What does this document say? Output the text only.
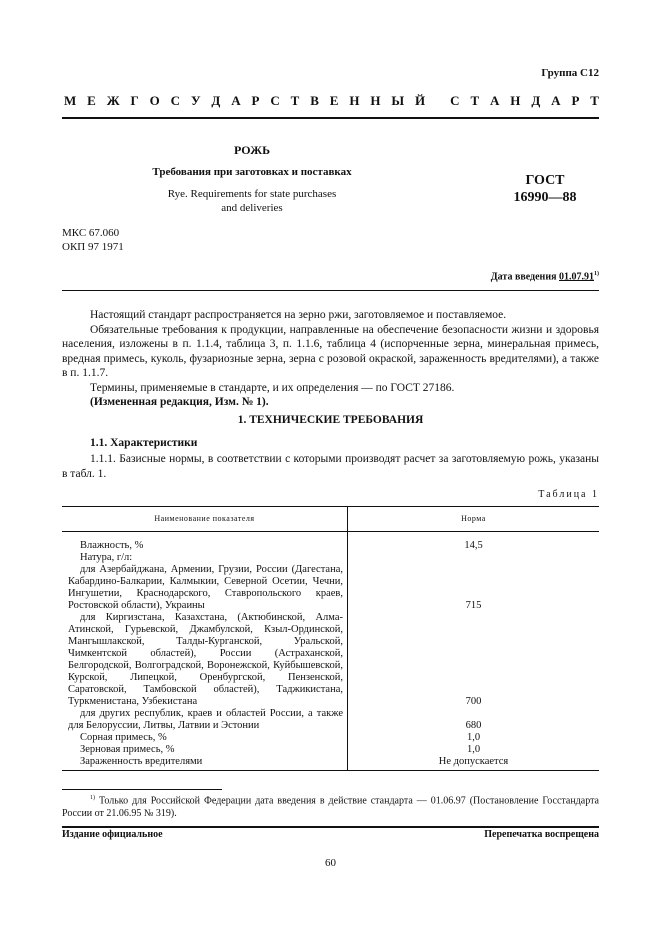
Группа С12
М Е Ж Г О С У Д А Р С Т В Е Н Н Ы Й
С Т А Н Д А Р Т
РОЖЬ
Требования при заготовках и поставках
Rye. Requirements for state purchases
and deliveries
ГОСТ
16990—88
МКС 67.060
ОКП 97 1971
Дата введения 01.07.91$^{1)}$

Настоящий стандарт распространяется на зерно ржи, заготовляемое и поставляемое.

Обязательные требования к продукции, направленные на обеспечение безопасности жизни и здоровья населения, изложены в п. 1.1.4, таблица 3, п. 1.1.6, таблица 4 (испорченные зерна, минеральная примесь, вредная примесь, куколь, фузариозные зерна, зерна с розовой окраской, зараженность вредителями), а также в п. 1.1.7.

Термины, применяемые в стандарте, и их определения — по ГОСТ 27186.

(Измененная редакция, Изм. № 1).

1. ТЕХНИЧЕСКИЕ ТРЕБОВАНИЯ
1.1. Характеристики

1.1.1. Базисные нормы, в соответствии с которыми производят расчет за заготовляемую рожь, указаны в табл. 1.

Таблица 1
Наименование показателя	Норма
Влажность, %	14,5
Натура, г/л:
для Азербайджана, Армении, Грузии, России (Дагестана, Кабардино-Балкарии, Калмыкии, Северной Осетии, Чечни, Ингушетии, Краснодарского, Ставропольского краев, Ростовской области), Украины	715
для Киргизстана, Казахстана, (Актюбинской, Алма-Атинской, Гурьевской, Джамбулской, Кзыл-Ординской, Мангышлакской, Талды-Курганской, Уральской, Чимкентской областей), России (Астраханской, Белгородской, Волгоградской, Воронежской, Куйбышевской, Курской, Липецкой, Оренбургской, Пензенской, Саратовской, Тамбовской областей), Таджикистана, Туркменистана, Узбекистана	700
для других республик, краев и областей России, а также для Белоруссии, Литвы, Латвии и Эстонии	680
Сорная примесь, %	1,0
Зерновая примесь, %	1,0
Зараженность вредителями	Не допускается
$^{1)}$ Только для Российской Федерации дата введения в действие стандарта — 01.06.97 (Постановление Госстандарта России от 21.06.95 № 319).
Издание официальное	Перепечатка воспрещена
60
